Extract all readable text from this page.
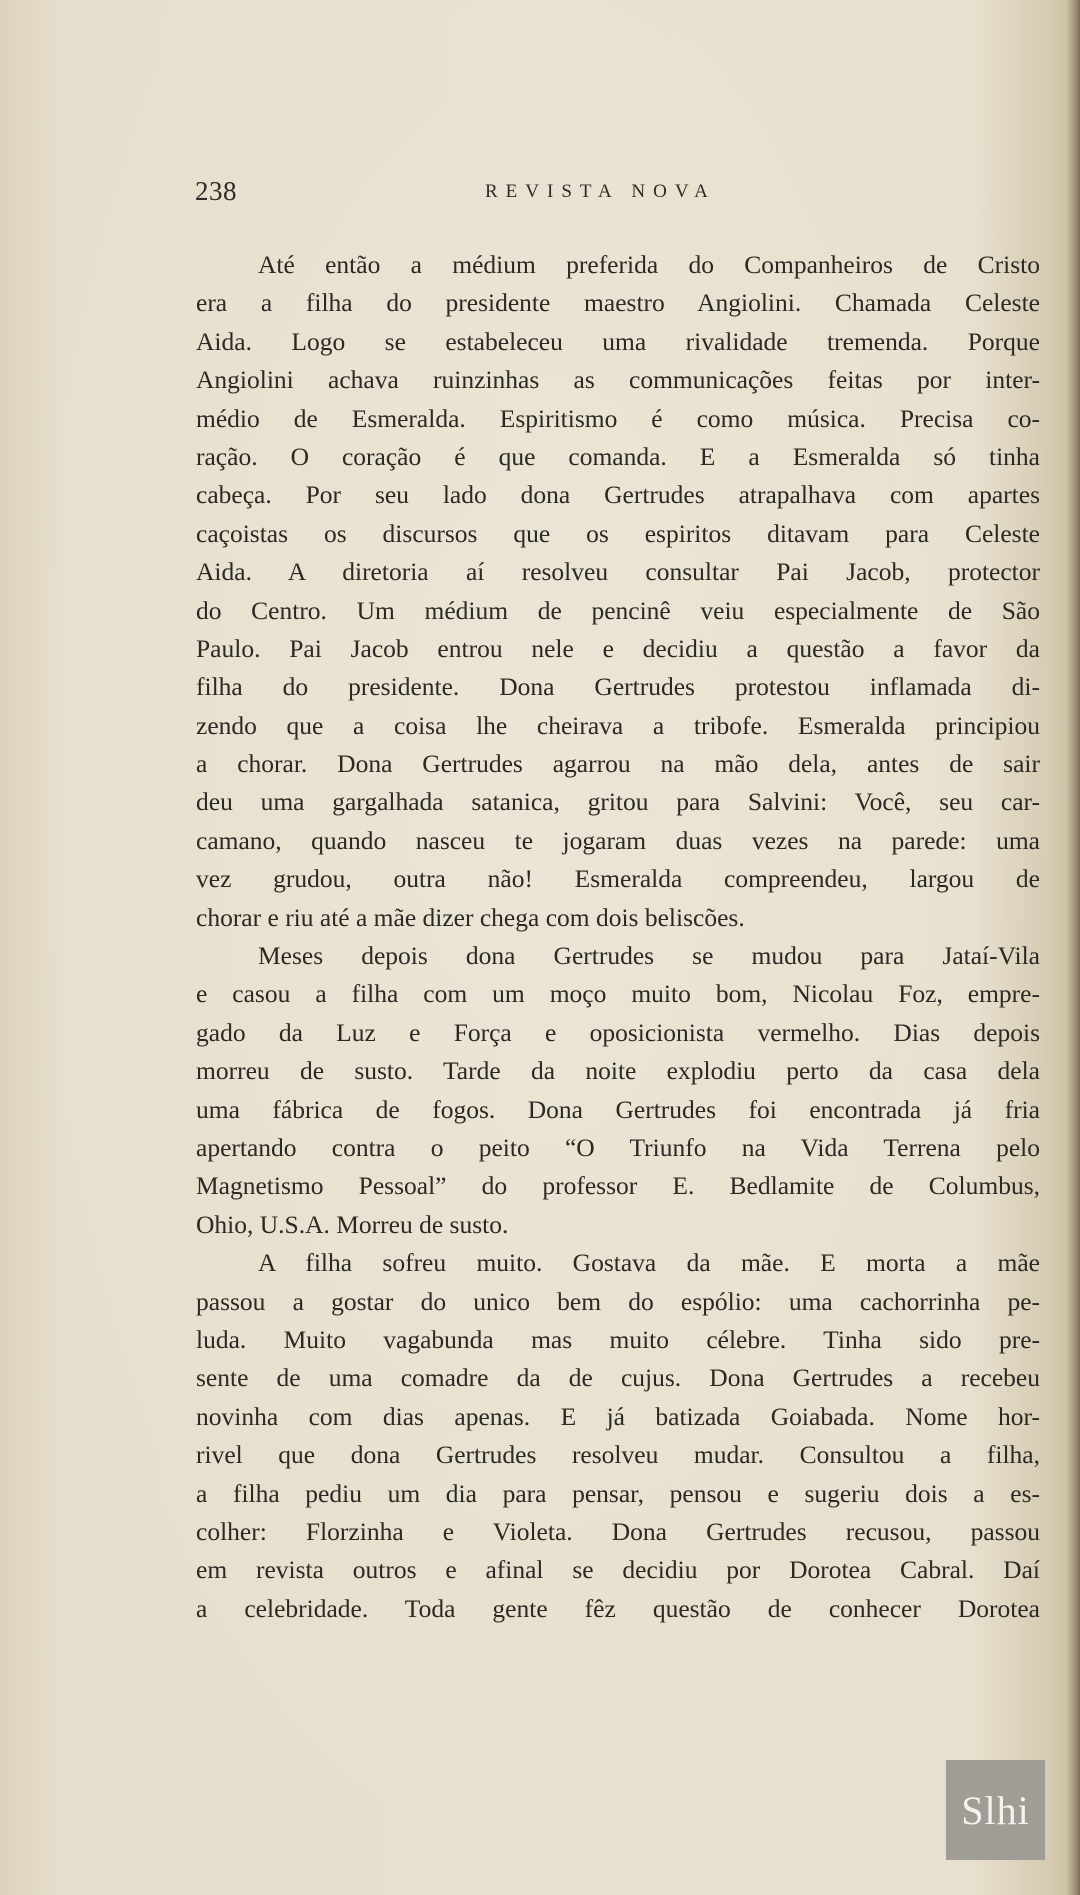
238	REVISTA NOVA
Até então a médium preferida do Companheiros de Cristo
era a filha do presidente maestro Angiolini. Chamada Celeste
Aida. Logo se estabeleceu uma rivalidade tremenda. Porque
Angiolini achava ruinzinhas as communicações feitas por inter-
médio de Esmeralda. Espiritismo é como música. Precisa co-
ração. O coração é que comanda. E a Esmeralda só tinha
cabeça. Por seu lado dona Gertrudes atrapalhava com apartes
caçoistas os discursos que os espiritos ditavam para Celeste
Aida. A diretoria aí resolveu consultar Pai Jacob, protector
do Centro. Um médium de pencinê veiu especialmente de São
Paulo. Pai Jacob entrou nele e decidiu a questão a favor da
filha do presidente. Dona Gertrudes protestou inflamada di-
zendo que a coisa lhe cheirava a tribofe. Esmeralda principiou
a chorar. Dona Gertrudes agarrou na mão dela, antes de sair
deu uma gargalhada satanica, gritou para Salvini: Você, seu car-
camano, quando nasceu te jogaram duas vezes na parede: uma
vez grudou, outra não! Esmeralda compreendeu, largou de
chorar e riu até a mãe dizer chega com dois beliscões.
Meses depois dona Gertrudes se mudou para Jataí-Vila
e casou a filha com um moço muito bom, Nicolau Foz, empre-
gado da Luz e Força e oposicionista vermelho. Dias depois
morreu de susto. Tarde da noite explodiu perto da casa dela
uma fábrica de fogos. Dona Gertrudes foi encontrada já fria
apertando contra o peito “O Triunfo na Vida Terrena pelo
Magnetismo Pessoal” do professor E. Bedlamite de Columbus,
Ohio, U.S.A. Morreu de susto.
A filha sofreu muito. Gostava da mãe. E morta a mãe
passou a gostar do unico bem do espólio: uma cachorrinha pe-
luda. Muito vagabunda mas muito célebre. Tinha sido pre-
sente de uma comadre da de cujus. Dona Gertrudes a recebeu
novinha com dias apenas. E já batizada Goiabada. Nome hor-
rivel que dona Gertrudes resolveu mudar. Consultou a filha,
a filha pediu um dia para pensar, pensou e sugeriu dois a es-
colher: Florzinha e Violeta. Dona Gertrudes recusou, passou
em revista outros e afinal se decidiu por Dorotea Cabral. Daí
a celebridade. Toda gente fêz questão de conhecer Dorotea
Slhi
